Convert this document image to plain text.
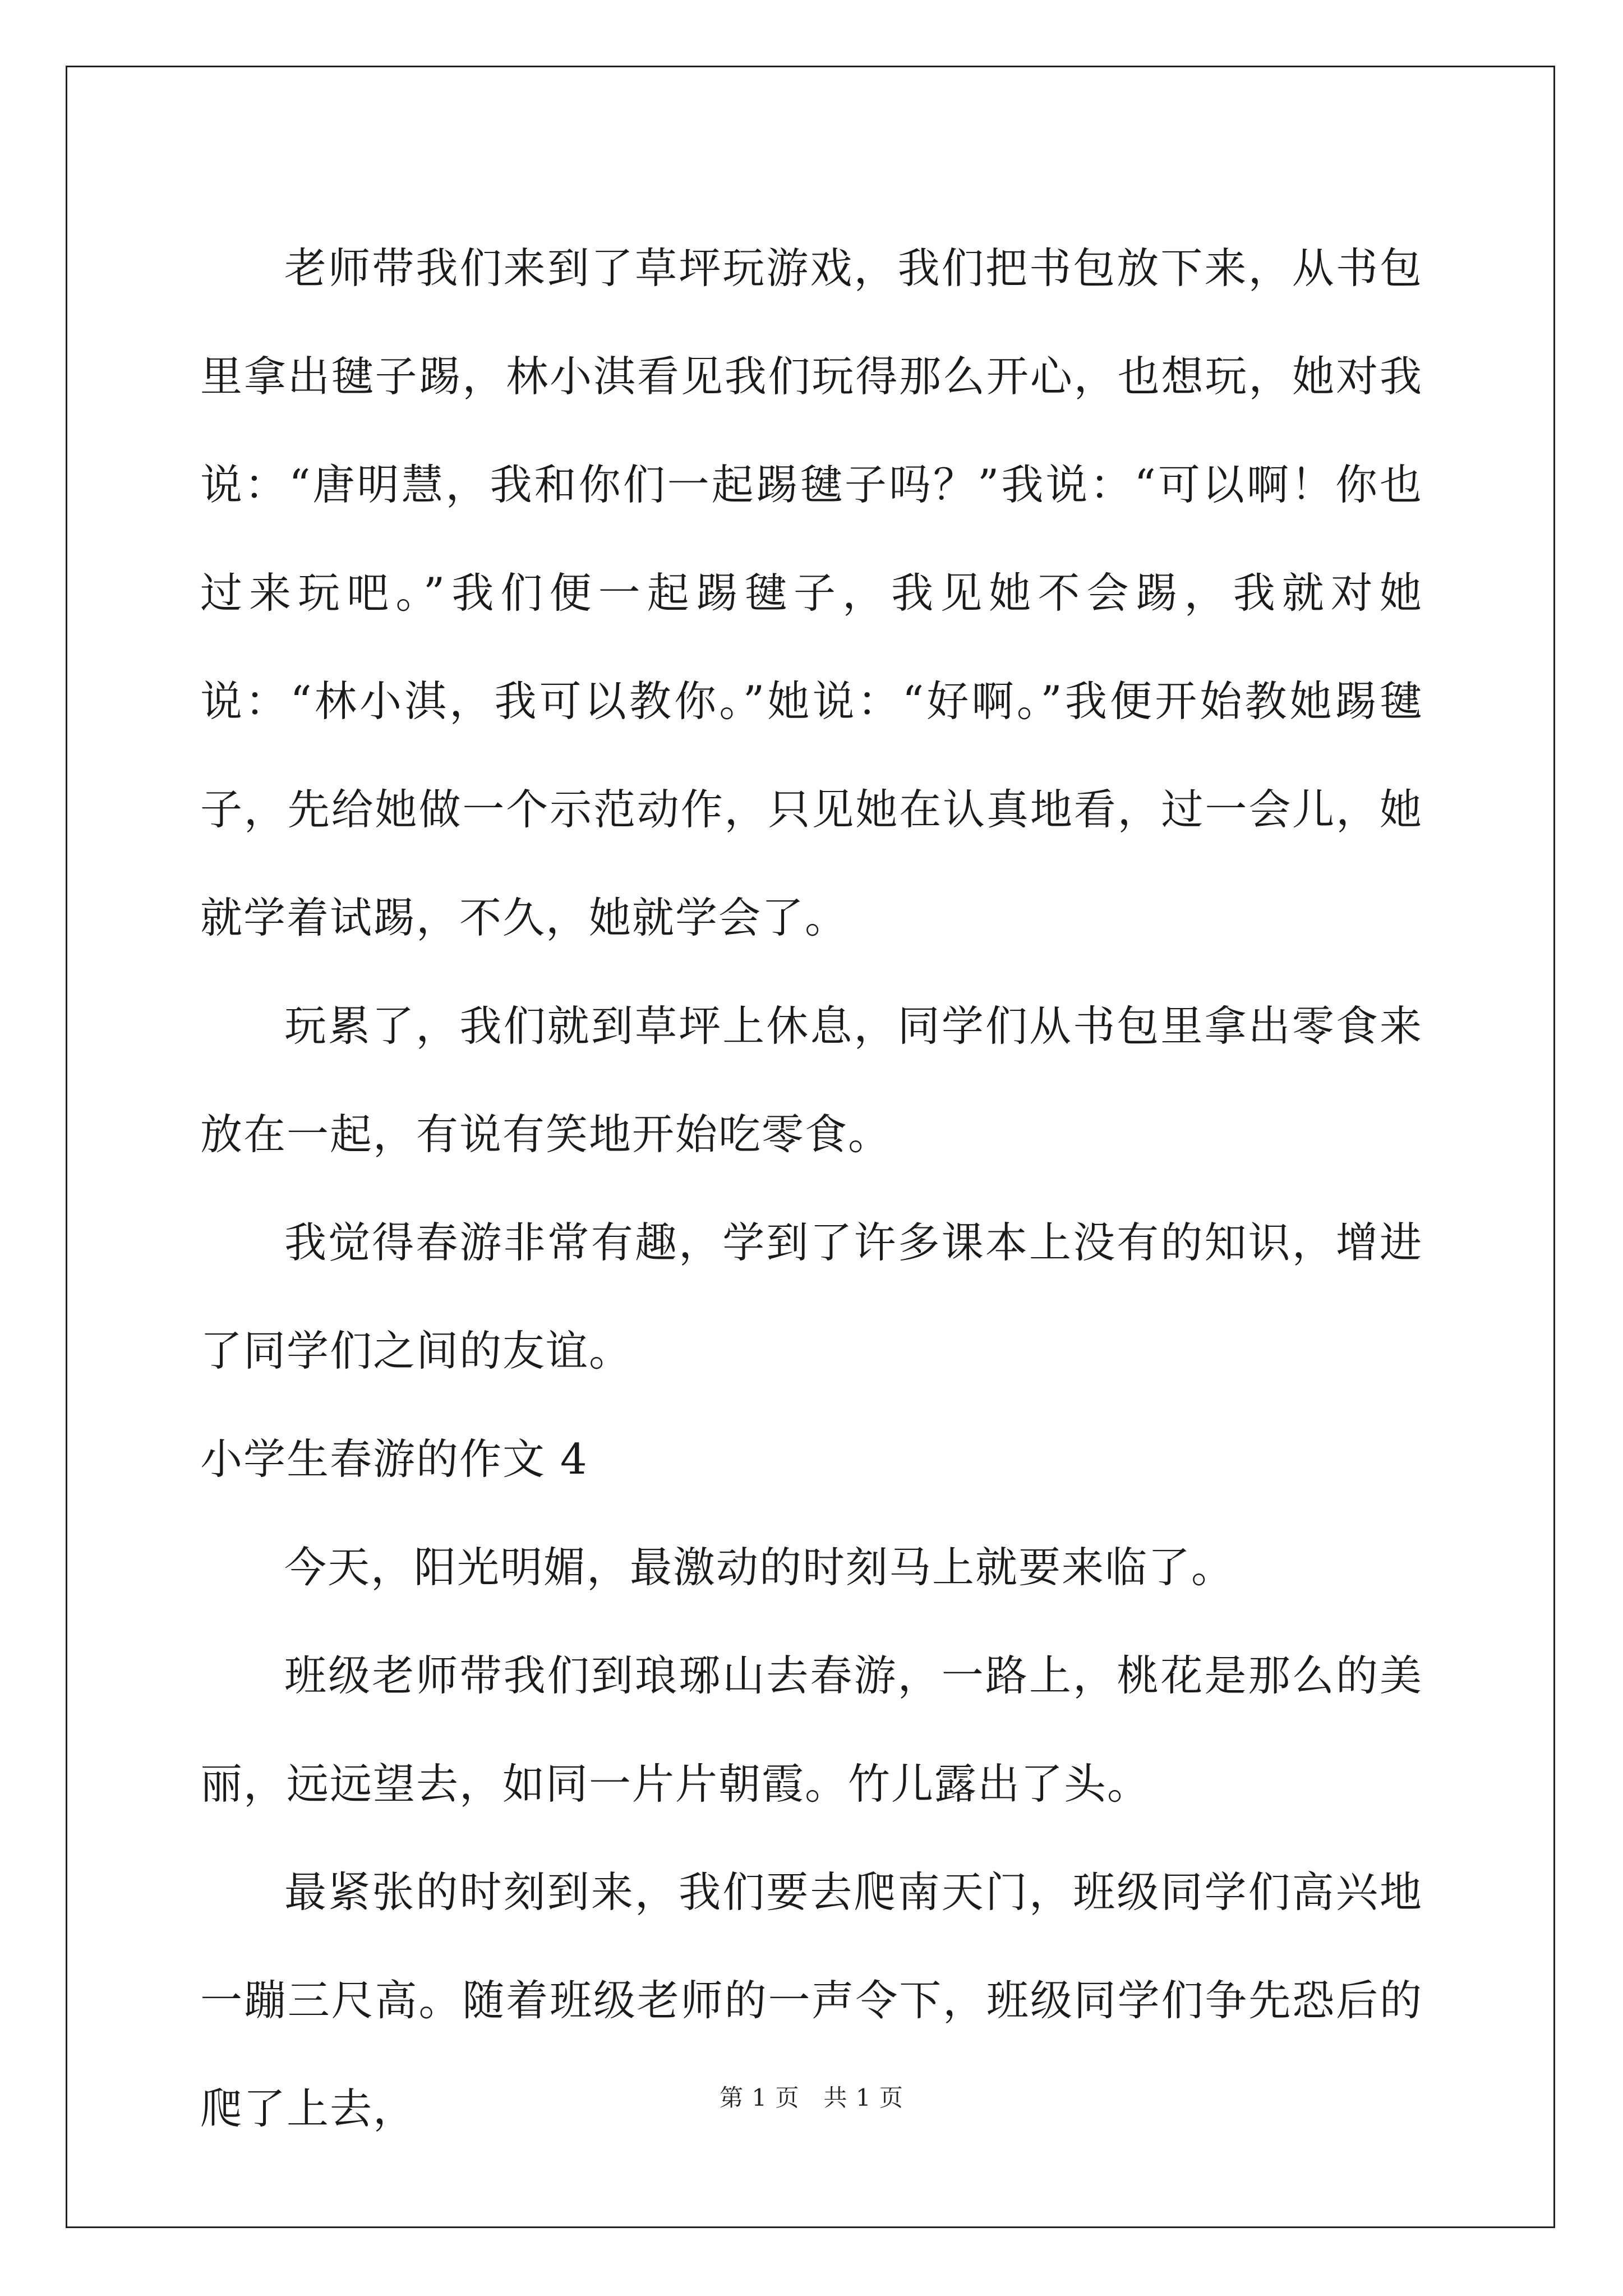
老师带我们来到了草坪玩游戏，我们把书包放下来，从书包里拿出毽子踢，林小淇看见我们玩得那么开心，也想玩，她对我说：“唐明慧，我和你们一起踢毽子吗？”我说：“可以啊！你也过来玩吧。”我们便一起踢毽子，我见她不会踢，我就对她说：“林小淇，我可以教你。”她说：“好啊。”我便开始教她踢毽子，先给她做一个示范动作，只见她在认真地看，过一会儿，她就学着试踢，不久，她就学会了。

玩累了，我们就到草坪上休息，同学们从书包里拿出零食来放在一起，有说有笑地开始吃零食。

我觉得春游非常有趣，学到了许多课本上没有的知识，增进了同学们之间的友谊。

小学生春游的作文 4

今天，阳光明媚，最激动的时刻马上就要来临了。

班级老师带我们到琅琊山去春游，一路上，桃花是那么的美丽，远远望去，如同一片片朝霞。竹儿露出了头。

最紧张的时刻到来，我们要去爬南天门，班级同学们高兴地一蹦三尺高。随着班级老师的一声令下，班级同学们争先恐后的爬了上去，	第 1 页　共 1 页
